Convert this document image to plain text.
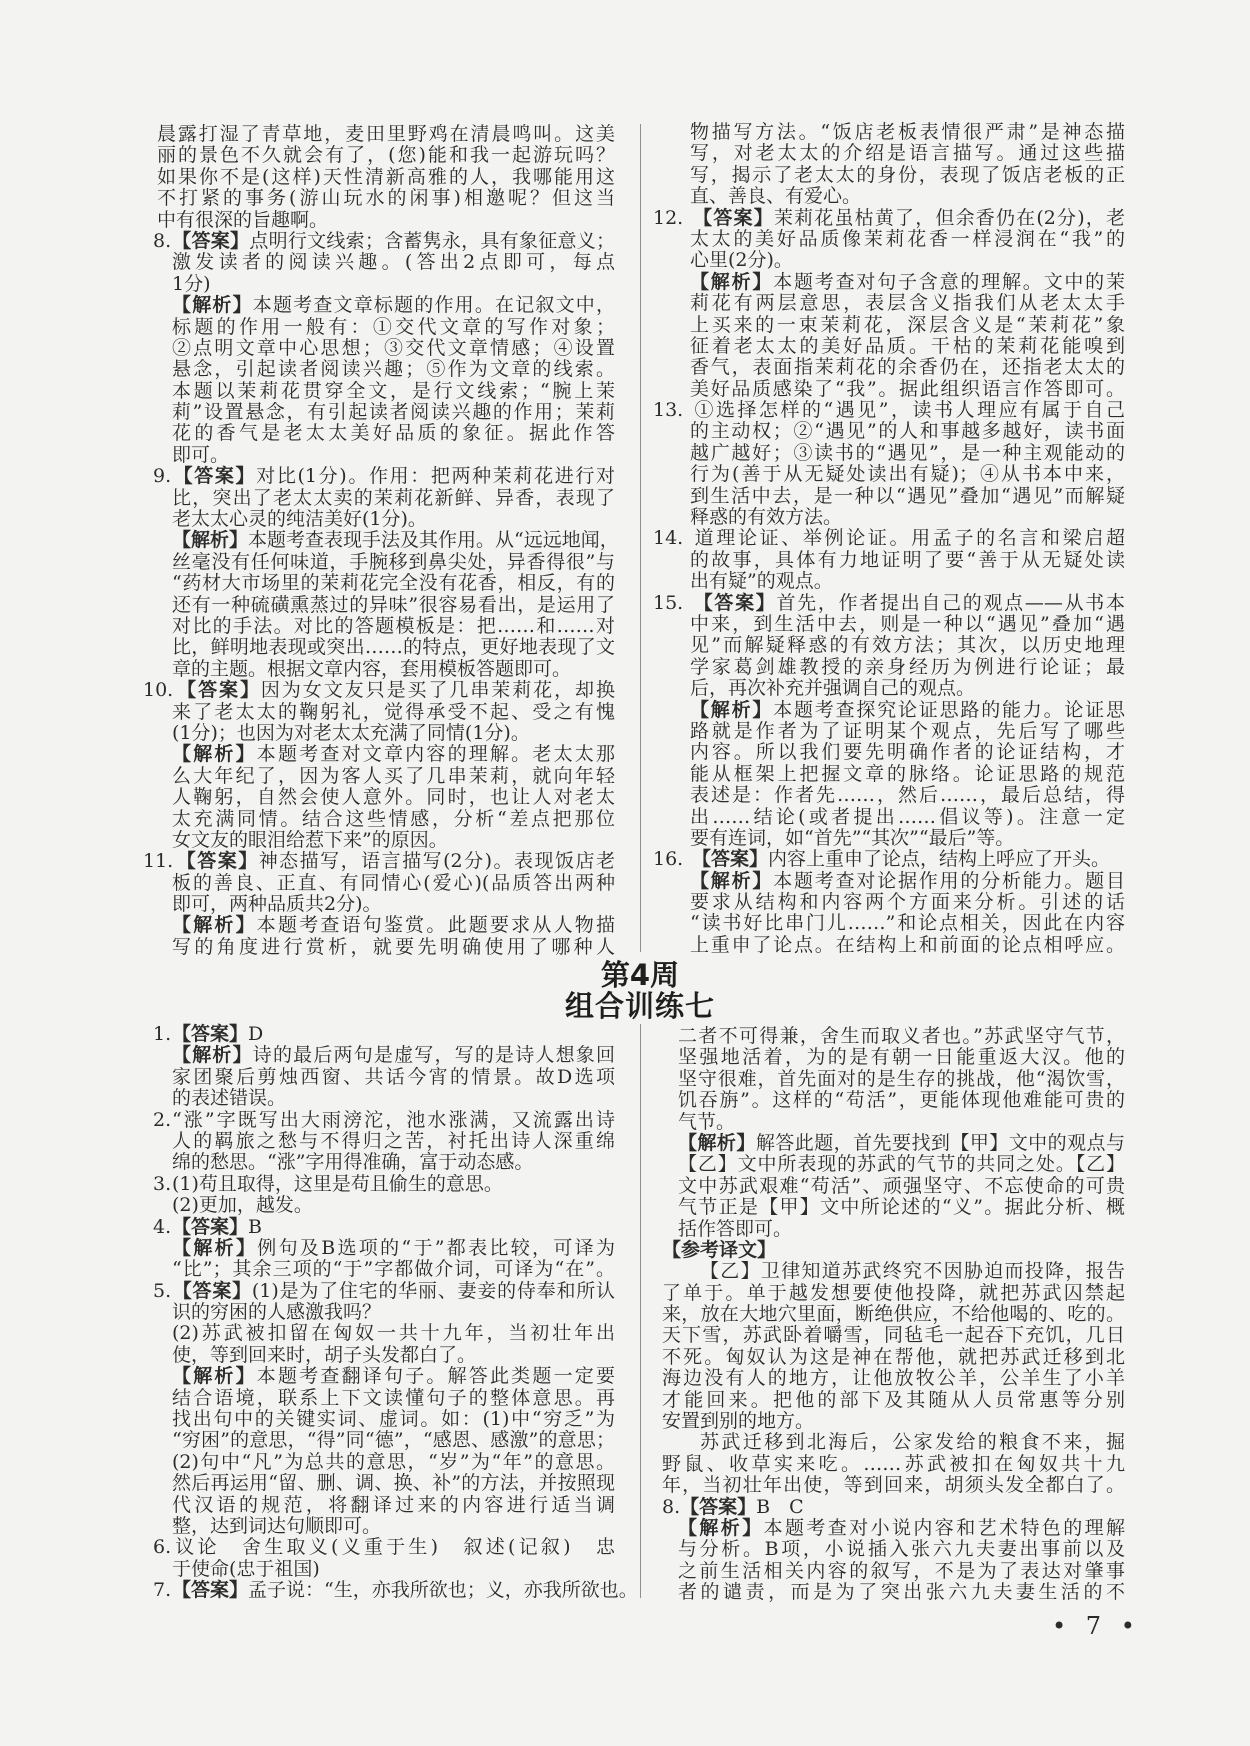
晨露打湿了青草地，麦田里野鸡在清晨鸣叫。这美
丽的景色不久就会有了，(您)能和我一起游玩吗？
如果你不是(这样)天性清新高雅的人，我哪能用这
不打紧的事务(游山玩水的闲事)相邀呢？但这当
中有很深的旨趣啊。
8.【答案】点明行文线索；含蓄隽永，具有象征意义；
激发读者的阅读兴趣。(答出2点即可，每点
1分)
【解析】本题考查文章标题的作用。在记叙文中，
标题的作用一般有：①交代文章的写作对象；
②点明文章中心思想；③交代文章情感；④设置
悬念，引起读者阅读兴趣；⑤作为文章的线索。
本题以茉莉花贯穿全文，是行文线索；“腕上茉
莉”设置悬念，有引起读者阅读兴趣的作用；茉莉
花的香气是老太太美好品质的象征。据此作答
即可。
9.【答案】对比(1分)。作用：把两种茉莉花进行对
比，突出了老太太卖的茉莉花新鲜、异香，表现了
老太太心灵的纯洁美好(1分)。
【解析】本题考查表现手法及其作用。从“远远地闻，
丝毫没有任何味道，手腕移到鼻尖处，异香得很”与
“药材大市场里的茉莉花完全没有花香，相反，有的
还有一种硫磺熏蒸过的异味”很容易看出，是运用了
对比的手法。对比的答题模板是：把……和……对
比，鲜明地表现或突出……的特点，更好地表现了文
章的主题。根据文章内容，套用模板答题即可。
10. 【答案】因为女文友只是买了几串茉莉花，却换
来了老太太的鞠躬礼，觉得承受不起、受之有愧
(1分)；也因为对老太太充满了同情(1分)。
【解析】本题考查对文章内容的理解。老太太那
么大年纪了，因为客人买了几串茉莉，就向年轻
人鞠躬，自然会使人意外。同时，也让人对老太
太充满同情。结合这些情感，分析“差点把那位
女文友的眼泪给惹下来”的原因。
11. 【答案】神态描写，语言描写(2分)。表现饭店老
板的善良、正直、有同情心(爱心)(品质答出两种
即可，两种品质共2分)。
【解析】本题考查语句鉴赏。此题要求从人物描
写的角度进行赏析，就要先明确使用了哪种人
物描写方法。“饭店老板表情很严肃”是神态描
写，对老太太的介绍是语言描写。通过这些描
写，揭示了老太太的身份，表现了饭店老板的正
直、善良、有爱心。
12. 【答案】茉莉花虽枯黄了，但余香仍在(2分)，老
太太的美好品质像茉莉花香一样浸润在“我”的
心里(2分)。
【解析】本题考查对句子含意的理解。文中的茉
莉花有两层意思，表层含义指我们从老太太手
上买来的一束茉莉花，深层含义是“茉莉花”象
征着老太太的美好品质。干枯的茉莉花能嗅到
香气，表面指茉莉花的余香仍在，还指老太太的
美好品质感染了“我”。据此组织语言作答即可。
13. ①选择怎样的“遇见”，读书人理应有属于自己
的主动权；②“遇见”的人和事越多越好，读书面
越广越好；③读书的“遇见”，是一种主观能动的
行为(善于从无疑处读出有疑)；④从书本中来，
到生活中去，是一种以“遇见”叠加“遇见”而解疑
释惑的有效方法。
14. 道理论证、举例论证。用孟子的名言和梁启超
的故事，具体有力地证明了要“善于从无疑处读
出有疑”的观点。
15. 【答案】首先，作者提出自己的观点——从书本
中来，到生活中去，则是一种以“遇见”叠加“遇
见”而解疑释惑的有效方法；其次，以历史地理
学家葛剑雄教授的亲身经历为例进行论证；最
后，再次补充并强调自己的观点。
【解析】本题考查探究论证思路的能力。论证思
路就是作者为了证明某个观点，先后写了哪些
内容。所以我们要先明确作者的论证结构，才
能从框架上把握文章的脉络。论证思路的规范
表述是：作者先……，然后……，最后总结，得
出……结论(或者提出……倡议等)。注意一定
要有连词，如“首先”“其次”“最后”等。
16. 【答案】内容上重申了论点，结构上呼应了开头。
【解析】本题考查对论据作用的分析能力。题目
要求从结构和内容两个方面来分析。引述的话
“读书好比串门儿……”和论点相关，因此在内容
上重申了论点。在结构上和前面的论点相呼应。
第4周
组合训练七
1.【答案】D
【解析】诗的最后两句是虚写，写的是诗人想象回
家团聚后剪烛西窗、共话今宵的情景。故D选项
的表述错误。
2.“涨”字既写出大雨滂沱，池水涨满，又流露出诗
人的羁旅之愁与不得归之苦，衬托出诗人深重绵
绵的愁思。“涨”字用得准确，富于动态感。
3.(1)苟且取得，这里是苟且偷生的意思。
(2)更加，越发。
4.【答案】B
【解析】例句及B选项的“于”都表比较，可译为
“比”；其余三项的“于”字都做介词，可译为“在”。
5.【答案】(1)是为了住宅的华丽、妻妾的侍奉和所认
识的穷困的人感激我吗？
(2)苏武被扣留在匈奴一共十九年，当初壮年出
使，等到回来时，胡子头发都白了。
【解析】本题考查翻译句子。解答此类题一定要
结合语境，联系上下文读懂句子的整体意思。再
找出句中的关键实词、虚词。如：(1)中“穷乏”为
“穷困”的意思，“得”同“德”，“感恩、感激”的意思；
(2)句中“凡”为总共的意思，“岁”为“年”的意思。
然后再运用“留、删、调、换、补”的方法，并按照现
代汉语的规范，将翻译过来的内容进行适当调
整，达到词达句顺即可。
6.议论　舍生取义(义重于生)　叙述(记叙)　忠
于使命(忠于祖国)
7.【答案】孟子说：“生，亦我所欲也；义，亦我所欲也。
二者不可得兼，舍生而取义者也。”苏武坚守气节，
坚强地活着，为的是有朝一日能重返大汉。他的
坚守很难，首先面对的是生存的挑战，他“渴饮雪，
饥吞旃”。这样的“苟活”，更能体现他难能可贵的
气节。
【解析】解答此题，首先要找到【甲】文中的观点与
【乙】文中所表现的苏武的气节的共同之处。【乙】
文中苏武艰难“苟活”、顽强坚守、不忘使命的可贵
气节正是【甲】文中所论述的“义”。据此分析、概
括作答即可。
【参考译文】
【乙】卫律知道苏武终究不因胁迫而投降，报告
了单于。单于越发想要使他投降，就把苏武囚禁起
来，放在大地穴里面，断绝供应，不给他喝的、吃的。
天下雪，苏武卧着嚼雪，同毡毛一起吞下充饥，几日
不死。匈奴认为这是神在帮他，就把苏武迁移到北
海边没有人的地方，让他放牧公羊，公羊生了小羊
才能回来。把他的部下及其随从人员常惠等分别
安置到别的地方。
苏武迁移到北海后，公家发给的粮食不来，掘
野鼠、收草实来吃。……苏武被扣在匈奴共十九
年，当初壮年出使，等到回来，胡须头发全都白了。
8.【答案】B　C
【解析】本题考查对小说内容和艺术特色的理解
与分析。B项，小说插入张六九夫妻出事前以及
之前生活相关内容的叙写，不是为了表达对肇事
者的谴责，而是为了突出张六九夫妻生活的不
• 7 •
